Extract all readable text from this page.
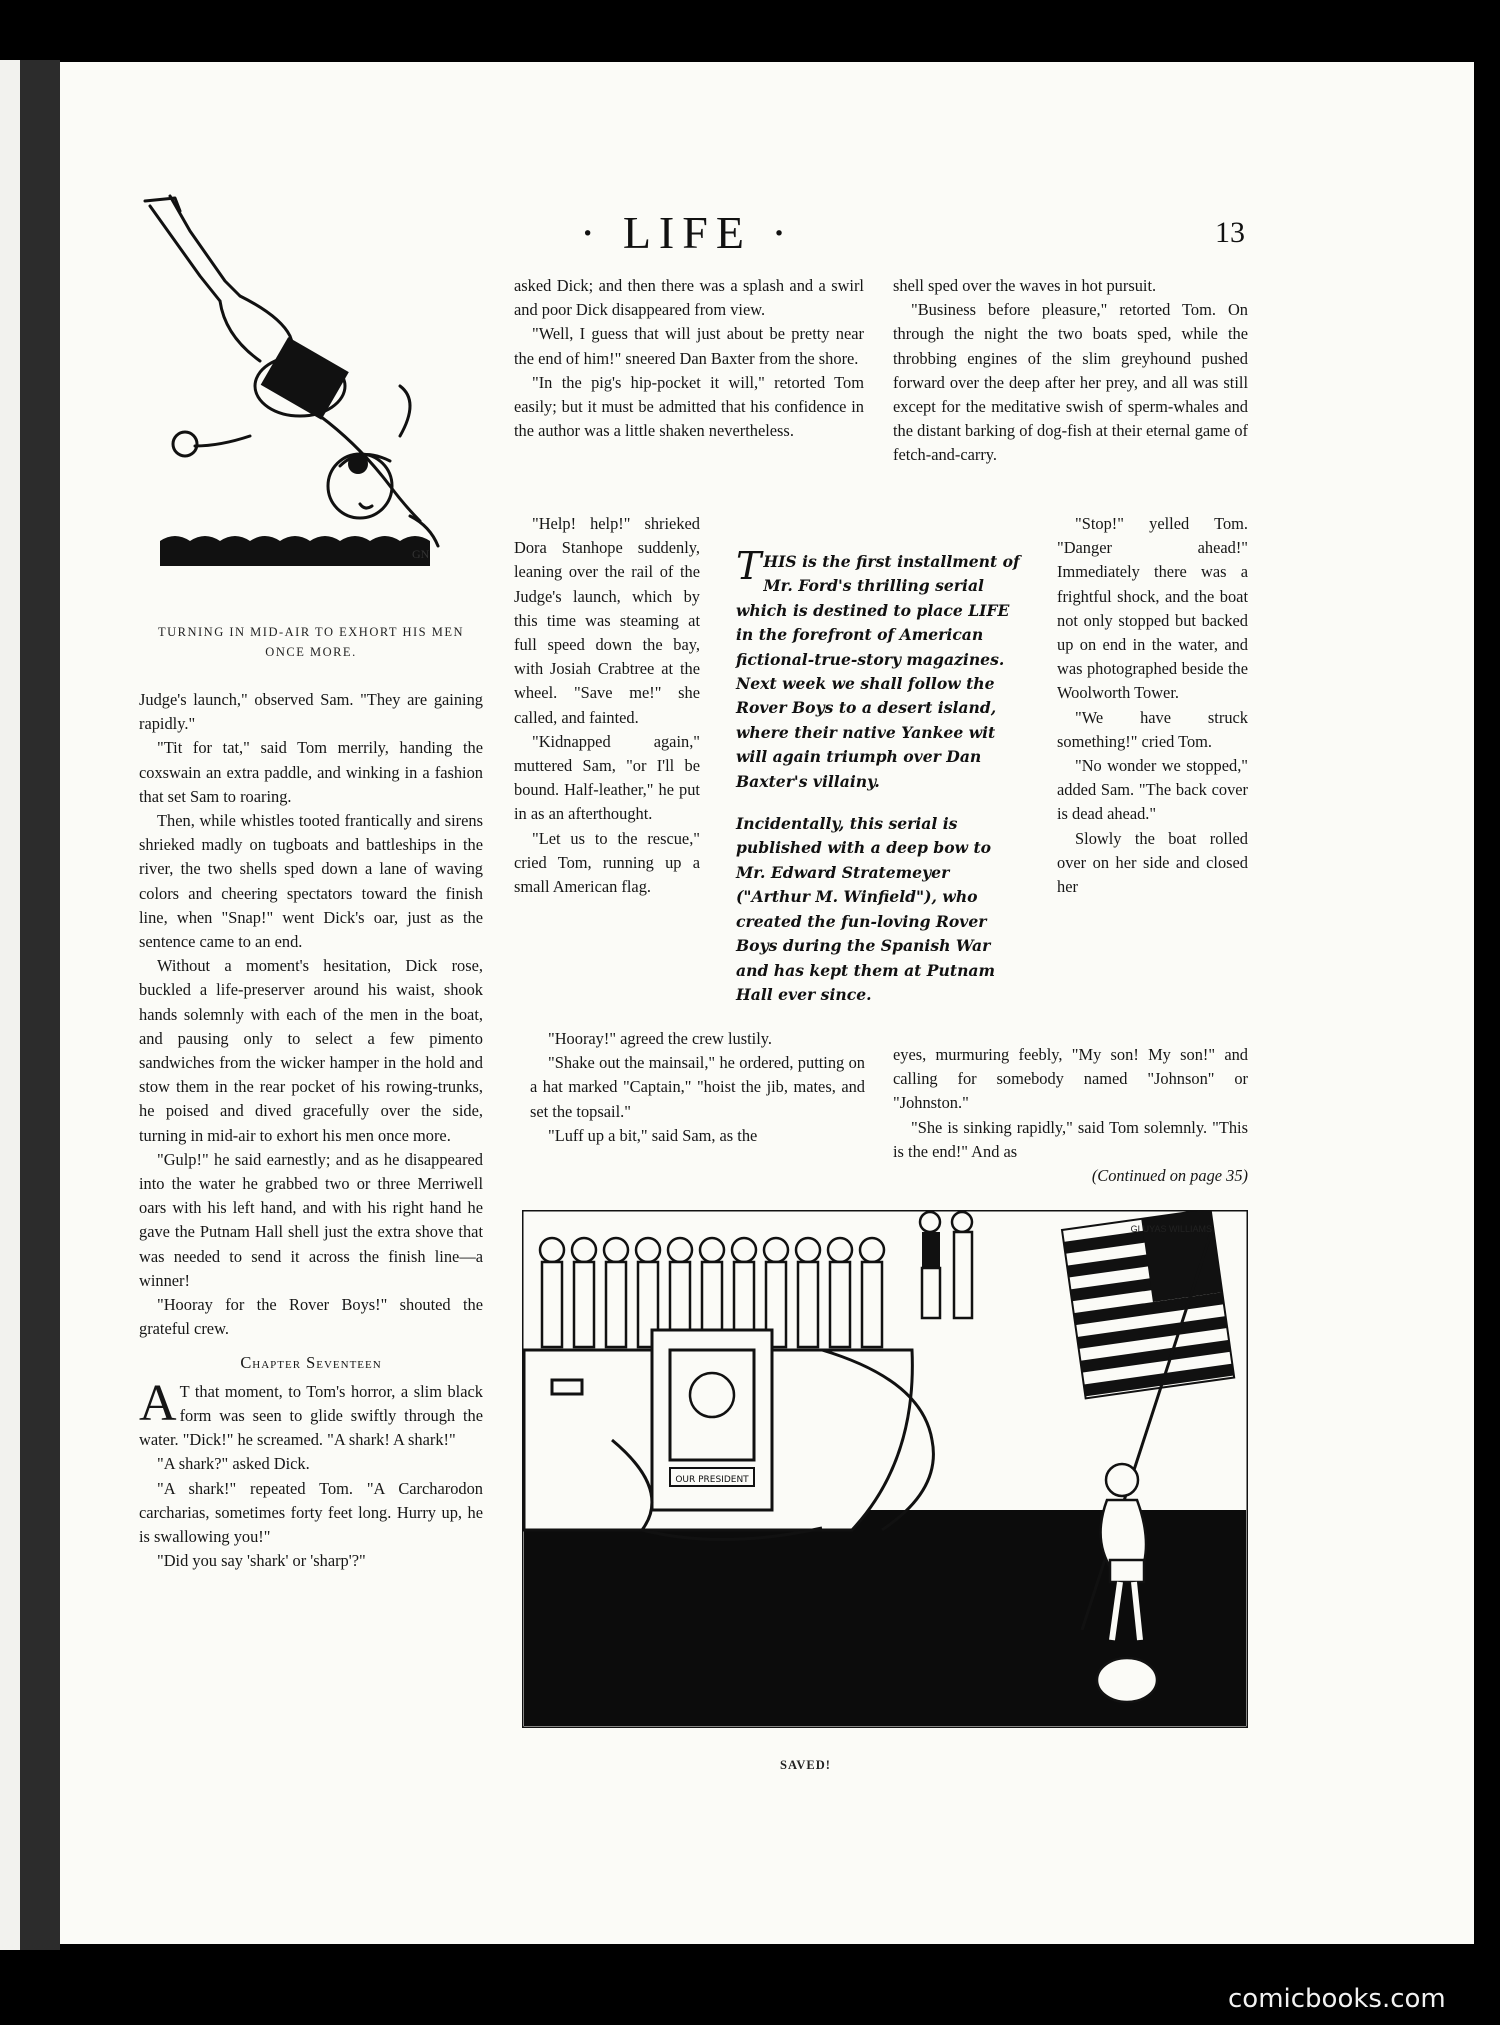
· LIFE ·	13
GN
TURNING IN MID-AIR TO EXHORT HIS MEN ONCE MORE.

Judge's launch," observed Sam. "They are gaining rapidly."

"Tit for tat," said Tom merrily, handing the coxswain an extra paddle, and winking in a fashion that set Sam to roaring.

Then, while whistles tooted frantically and sirens shrieked madly on tugboats and battleships in the river, the two shells sped down a lane of waving colors and cheering spectators toward the finish line, when "Snap!" went Dick's oar, just as the sentence came to an end.

Without a moment's hesitation, Dick rose, buckled a life-preserver around his waist, shook hands solemnly with each of the men in the boat, and pausing only to select a few pimento sandwiches from the wicker hamper in the hold and stow them in the rear pocket of his rowing-trunks, he poised and dived gracefully over the side, turning in mid-air to exhort his men once more.

"Gulp!" he said earnestly; and as he disappeared into the water he grabbed two or three Merriwell oars with his left hand, and with his right hand he gave the Putnam Hall shell just the extra shove that was needed to send it across the finish line—a winner!

"Hooray for the Rover Boys!" shouted the grateful crew.

Chapter Seventeen

A T that moment, to Tom's horror, a slim black form was seen to glide swiftly through the water. "Dick!" he screamed. "A shark! A shark!"

"A shark?" asked Dick.

"A shark!" repeated Tom. "A Carcharodon carcharias, sometimes forty feet long. Hurry up, he is swallowing you!"

"Did you say 'shark' or 'sharp'?"

asked Dick; and then there was a splash and a swirl and poor Dick disappeared from view.

"Well, I guess that will just about be pretty near the end of him!" sneered Dan Baxter from the shore.

"In the pig's hip-pocket it will," retorted Tom easily; but it must be admitted that his confidence in the author was a little shaken nevertheless.

"Help! help!" shrieked Dora Stanhope suddenly, leaning over the rail of the Judge's launch, which by this time was steaming at full speed down the bay, with Josiah Crabtree at the wheel. "Save me!" she called, and fainted.

"Kidnapped again," muttered Sam, "or I'll be bound. Half-leather," he put in as an afterthought.

"Let us to the rescue," cried Tom, running up a small American flag.

"Hooray!" agreed the crew lustily.

"Shake out the mainsail," he ordered, putting on a hat marked "Captain," "hoist the jib, mates, and set the topsail."

"Luff up a bit," said Sam, as the

THIS is the first installment of Mr. Ford's thrilling serial which is destined to place LIFE in the forefront of American fictional-true-story magazines. Next week we shall follow the Rover Boys to a desert island, where their native Yankee wit will again triumph over Dan Baxter's villainy.

Incidentally, this serial is published with a deep bow to Mr. Edward Stratemeyer ("Arthur M. Winfield"), who created the fun-loving Rover Boys during the Spanish War and has kept them at Putnam Hall ever since.

shell sped over the waves in hot pursuit.

"Business before pleasure," retorted Tom. On through the night the two boats sped, while the throbbing engines of the slim greyhound pushed forward over the deep after her prey, and all was still except for the meditative swish of sperm-whales and the distant barking of dog-fish at their eternal game of fetch-and-carry.

"Stop!" yelled Tom. "Danger ahead!" Immediately there was a frightful shock, and the boat not only stopped but backed up on end in the water, and was photographed beside the Woolworth Tower.

"We have struck something!" cried Tom.

"No wonder we stopped," added Sam. "The back cover is dead ahead."

Slowly the boat rolled over on her side and closed her

eyes, murmuring feebly, "My son! My son!" and calling for somebody named "Johnson" or "Johnston."

"She is sinking rapidly," said Tom solemnly. "This is the end!" And as

(Continued on page 35)

OUR PRESIDENT
GLUYAS WILLIAMS
SAVED!
comicbooks.com
